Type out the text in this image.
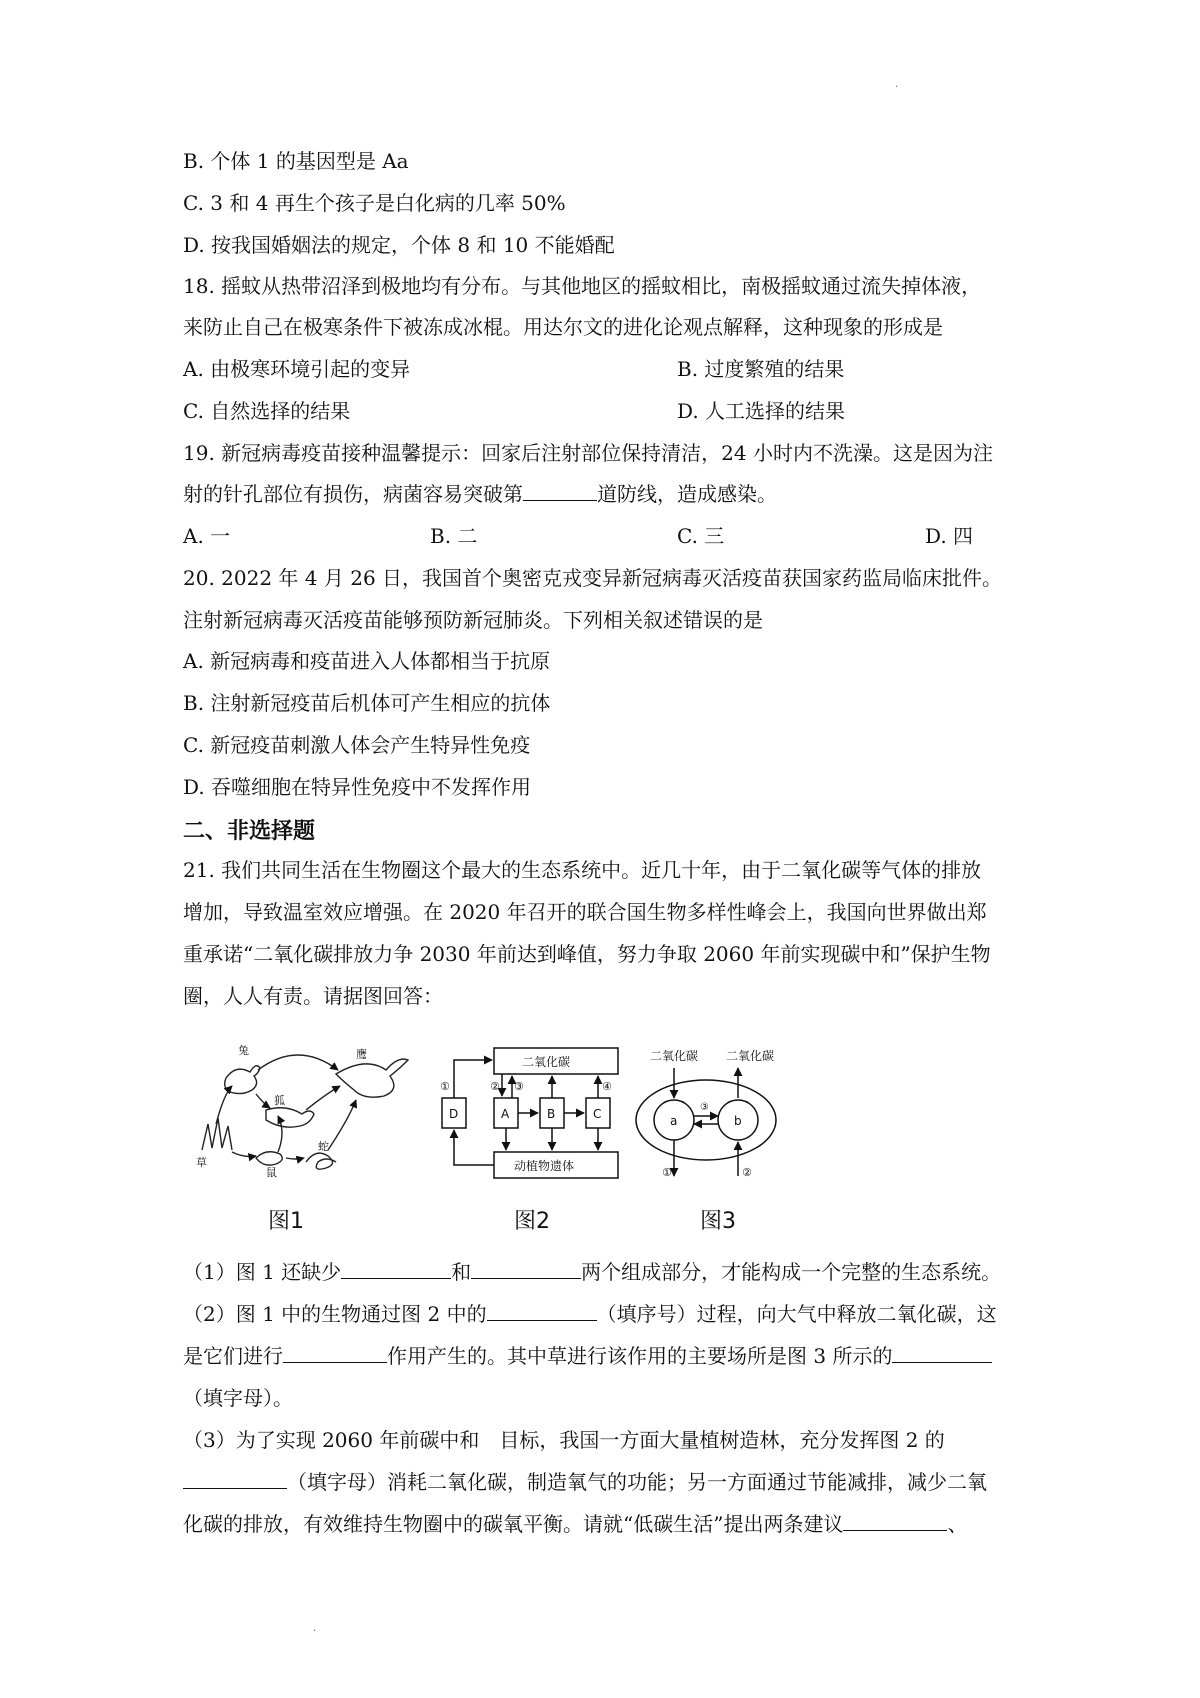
·
·
B. 个体 1 的基因型是 Aa
C. 3 和 4 再生个孩子是白化病的几率 50%
D. 按我国婚姻法的规定，个体 8 和 10 不能婚配
18. 摇蚊从热带沼泽到极地均有分布。与其他地区的摇蚊相比，南极摇蚊通过流失掉体液，
来防止自己在极寒条件下被冻成冰棍。用达尔文的进化论观点解释，这种现象的形成是
A. 由极寒环境引起的变异	B. 过度繁殖的结果
C. 自然选择的结果	D. 人工选择的结果
19. 新冠病毒疫苗接种温馨提示：回家后注射部位保持清洁，24 小时内不洗澡。这是因为注
射的针孔部位有损伤，病菌容易突破第	道防线，造成感染。
A. 一	B. 二	C. 三	D. 四
20. 2022 年 4 月 26 日，我国首个奥密克戎变异新冠病毒灭活疫苗获国家药监局临床批件。
注射新冠病毒灭活疫苗能够预防新冠肺炎。下列相关叙述错误的是
A. 新冠病毒和疫苗进入人体都相当于抗原
B. 注射新冠疫苗后机体可产生相应的抗体
C. 新冠疫苗刺激人体会产生特异性免疫
D. 吞噬细胞在特异性免疫中不发挥作用
二、非选择题
21. 我们共同生活在生物圈这个最大的生态系统中。近几十年，由于二氧化碳等气体的排放
增加，导致温室效应增强。在 2020 年召开的联合国生物多样性峰会上，我国向世界做出郑
重承诺“二氧化碳排放力争 2030 年前达到峰值，努力争取 2060 年前实现碳中和”保护生物
圈，人人有责。请据图回答：
兔	鹰
狐
草
鼠
蛇
图1
二氧化碳
动植物遗体
D	A	B	C
①	② ③	④
图2
二氧化碳 二氧化碳
a	b
①	②
③
图3
（1）图 1 还缺少	和	两个组成部分，才能构成一个完整的生态系统。
（2）图 1 中的生物通过图 2 中的	（填序号）过程，向大气中释放二氧化碳，这
是它们进行	作用产生的。其中草进行该作用的主要场所是图 3 所示的
（填字母）。
（3）为了实现 2060 年前碳中和　目标，我国一方面大量植树造林，充分发挥图 2 的
（填字母）消耗二氧化碳，制造氧气的功能；另一方面通过节能减排，减少二氧
化碳的排放，有效维持生物圈中的碳氧平衡。请就“低碳生活”提出两条建议	、
